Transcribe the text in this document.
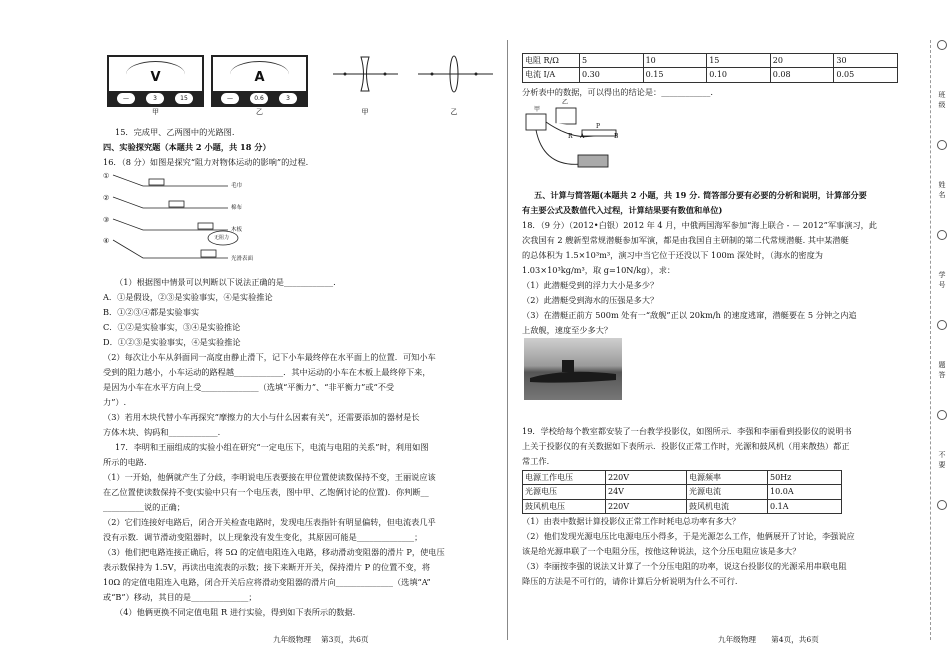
V
—	3	15
甲
A
—	0.6	3
乙	甲	乙
15．完成甲、乙两图中的光路图.
四、实验探究题（本题共 2 小题，共 18 分）
16．（8 分）如图是探究“阻力对物体运动的影响”的过程.
①
②
③
④
毛巾
棉布
木板
光滑表面
无阻力
（1）根据图中情景可以判断以下说法正确的是____________.
A．①是假设，②③是实验事实，④是实验推论
B．①②③④都是实验事实
C．①②是实验事实，③④是实验推论
D．①②③是实验事实，④是实验推论
（2）每次让小车从斜面同一高度由静止滑下，记下小车最终停在水平面上的位置．可知小车
受到的阻力越小，小车运动的路程越____________．其中运动的小车在木板上最终停下来，
是因为小车在水平方向上受______________（选填“平衡力”、“非平衡力”或“不受
力”）.
（3）若用木块代替小车再探究“摩擦力的大小与什么因素有关”，还需要添加的器材是长
方体木块、钩码和____________.
17．李明和王丽组成的实验小组在研究“一定电压下，电流与电阻的关系”时，利用如图
所示的电路.
（1）一开始，他俩就产生了分歧，李明说电压表要接在甲位置使读数保持不变，王丽说应该
在乙位置使读数保持不变(实验中只有一个电压表，图中甲、乙饱俩讨论的位置)．你判断__
__________说的正确；
（2）它们连接好电路后，闭合开关检查电路时，发现电压表指针有明显偏转，但电流表几乎
没有示数．调节滑动变阻器时，以上现象没有发生变化，其原因可能是______________；
（3）他们把电路连接正确后，将 5Ω 的定值电阻连入电路，移动滑动变阻器的滑片 P，使电压
表示数保持为 1.5V，再读出电流表的示数；接下来断开开关，保持滑片 P 的位置不变，将
10Ω 的定值电阻连入电路，闭合开关后应将滑动变阻器的滑片向______________（选填“A”
或“B”）移动，其目的是______________；
（4）他俩更换不同定值电阻 R 进行实验，得到如下表所示的数据.
九年级物理　 第3页，共6页
电阻 R/Ω	5	10	15	20	30
电流 I/A	0.30	0.15	0.10	0.08	0.05
分析表中的数据，可以得出的结论是：____________.
甲
乙
R
P
A	B
五、计算与简答题(本题共 2 小题，共 19 分. 简答部分要有必要的分析和说明，计算部分要
有主要公式及数值代入过程，计算结果要有数值和单位)
18．（9 分）（2012•白银）2012 年 4 月，中俄两国海军参加“海上联合 - － 2012”军事演习，此
次我国有 2 艘新型常规潜艇参加军演，都是由我国自主研制的第二代常规潜艇. 其中某潜艇
的总体积为 1.5×10³m³，演习中当它位于还没以下 100m 深处时，（海水的密度为
1.03×10³kg/m³，取 g=10N/kg），求：
（1）此潜艇受到的浮力大小是多少？
（2）此潜艇受到海水的压强是多大？
（3）在潜艇正前方 500m 处有一“敌舰”正以 20km/h 的速度逃窜，潜艇要在 5 分钟之内追
上敌舰，速度至少多大？
19．学校给每个教室都安装了一台教学投影仪，如图所示．李强和李丽看到投影仪的说明书
上关于投影仪的有关数据如下表所示．投影仪正常工作时，光源和鼓风机（用来散热）都正
常工作．
电源工作电压	220V	电源频率	50Hz
光源电压	24V	光源电流	10.0A
鼓风机电压	220V	鼓风机电流	0.1A
（1）由表中数据计算投影仪正常工作时耗电总功率有多大？
（2）他们发现光源电压比电源电压小得多，于是光源怎么工作，他俩展开了讨论，李强说应
该是给光源串联了一个电阻分压，按他这种说法，这个分压电阻应该是多大？
（3）李丽按李强的说法又计算了一个分压电阻的功率，说这台投影仪的光源采用串联电阻
降压的方法是不可行的，请你计算后分析说明为什么不可行.
九年级物理　　第4页，共6页
班
级
姓
名
学
号
题
答
不
要
